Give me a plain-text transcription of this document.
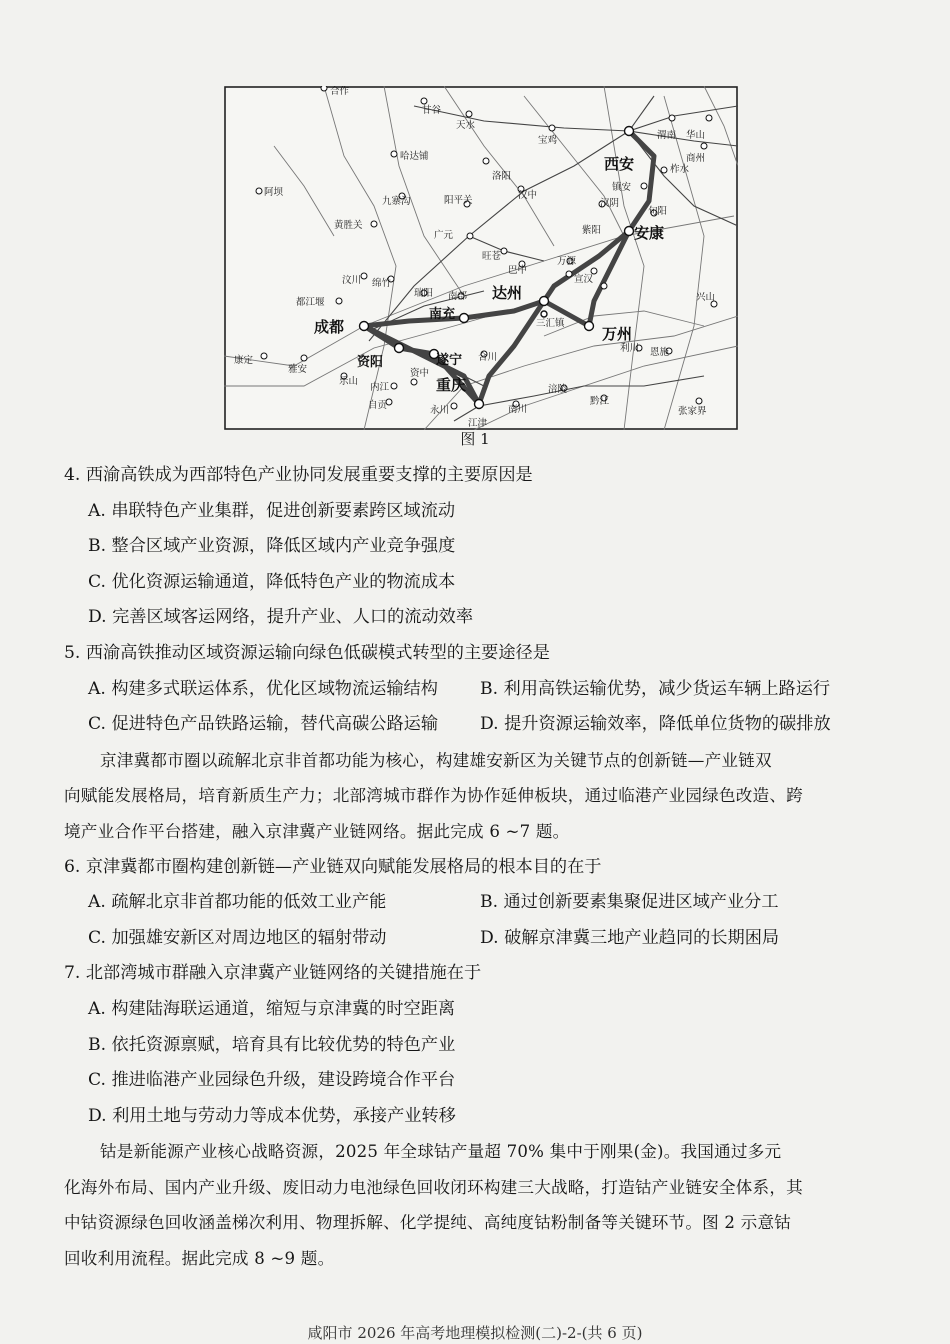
西安
安康
达州
万州
南充
成都
资阳	遂宁
重庆
合作
甘谷
天水
宝鸡	渭南 华山
商州
哈达铺
洛阳
阿坝
九寨沟	阳平关	汉中
镇安
柞水
汉阴
旬阳
黄胜关
广元
旺苍
巴中
紫阳
万源
汶川 绵竹
瑞阳 南部	兴山
都江堰
三汇镇
利川 恩施
康定
雅安
乐山
内江
自贡
资中
永川
江津
南川
涪陵
黔江
张家界
合川
宣汉
图 1
4. 西渝高铁成为西部特色产业协同发展重要支撑的主要原因是
A. 串联特色产业集群，促进创新要素跨区域流动
B. 整合区域产业资源，降低区域内产业竞争强度
C. 优化资源运输通道，降低特色产业的物流成本
D. 完善区域客运网络，提升产业、人口的流动效率
5. 西渝高铁推动区域资源运输向绿色低碳模式转型的主要途径是
A. 构建多式联运体系，优化区域物流运输结构	B. 利用高铁运输优势，减少货运车辆上路运行
C. 促进特色产品铁路运输，替代高碳公路运输	D. 提升资源运输效率，降低单位货物的碳排放
京津冀都市圈以疏解北京非首都功能为核心，构建雄安新区为关键节点的创新链—产业链双
向赋能发展格局，培育新质生产力；北部湾城市群作为协作延伸板块，通过临港产业园绿色改造、跨
境产业合作平台搭建，融入京津冀产业链网络。据此完成 6 ~7 题。
6. 京津冀都市圈构建创新链—产业链双向赋能发展格局的根本目的在于
A. 疏解北京非首都功能的低效工业产能	B. 通过创新要素集聚促进区域产业分工
C. 加强雄安新区对周边地区的辐射带动	D. 破解京津冀三地产业趋同的长期困局
7. 北部湾城市群融入京津冀产业链网络的关键措施在于
A. 构建陆海联运通道，缩短与京津冀的时空距离
B. 依托资源禀赋，培育具有比较优势的特色产业
C. 推进临港产业园绿色升级，建设跨境合作平台
D. 利用土地与劳动力等成本优势，承接产业转移
钴是新能源产业核心战略资源，2025 年全球钴产量超 70% 集中于刚果(金)。我国通过多元
化海外布局、国内产业升级、废旧动力电池绿色回收闭环构建三大战略，打造钴产业链安全体系，其
中钴资源绿色回收涵盖梯次利用、物理拆解、化学提纯、高纯度钴粉制备等关键环节。图 2 示意钴
回收利用流程。据此完成 8 ~9 题。
咸阳市 2026 年高考地理模拟检测(二)-2-(共 6 页)
